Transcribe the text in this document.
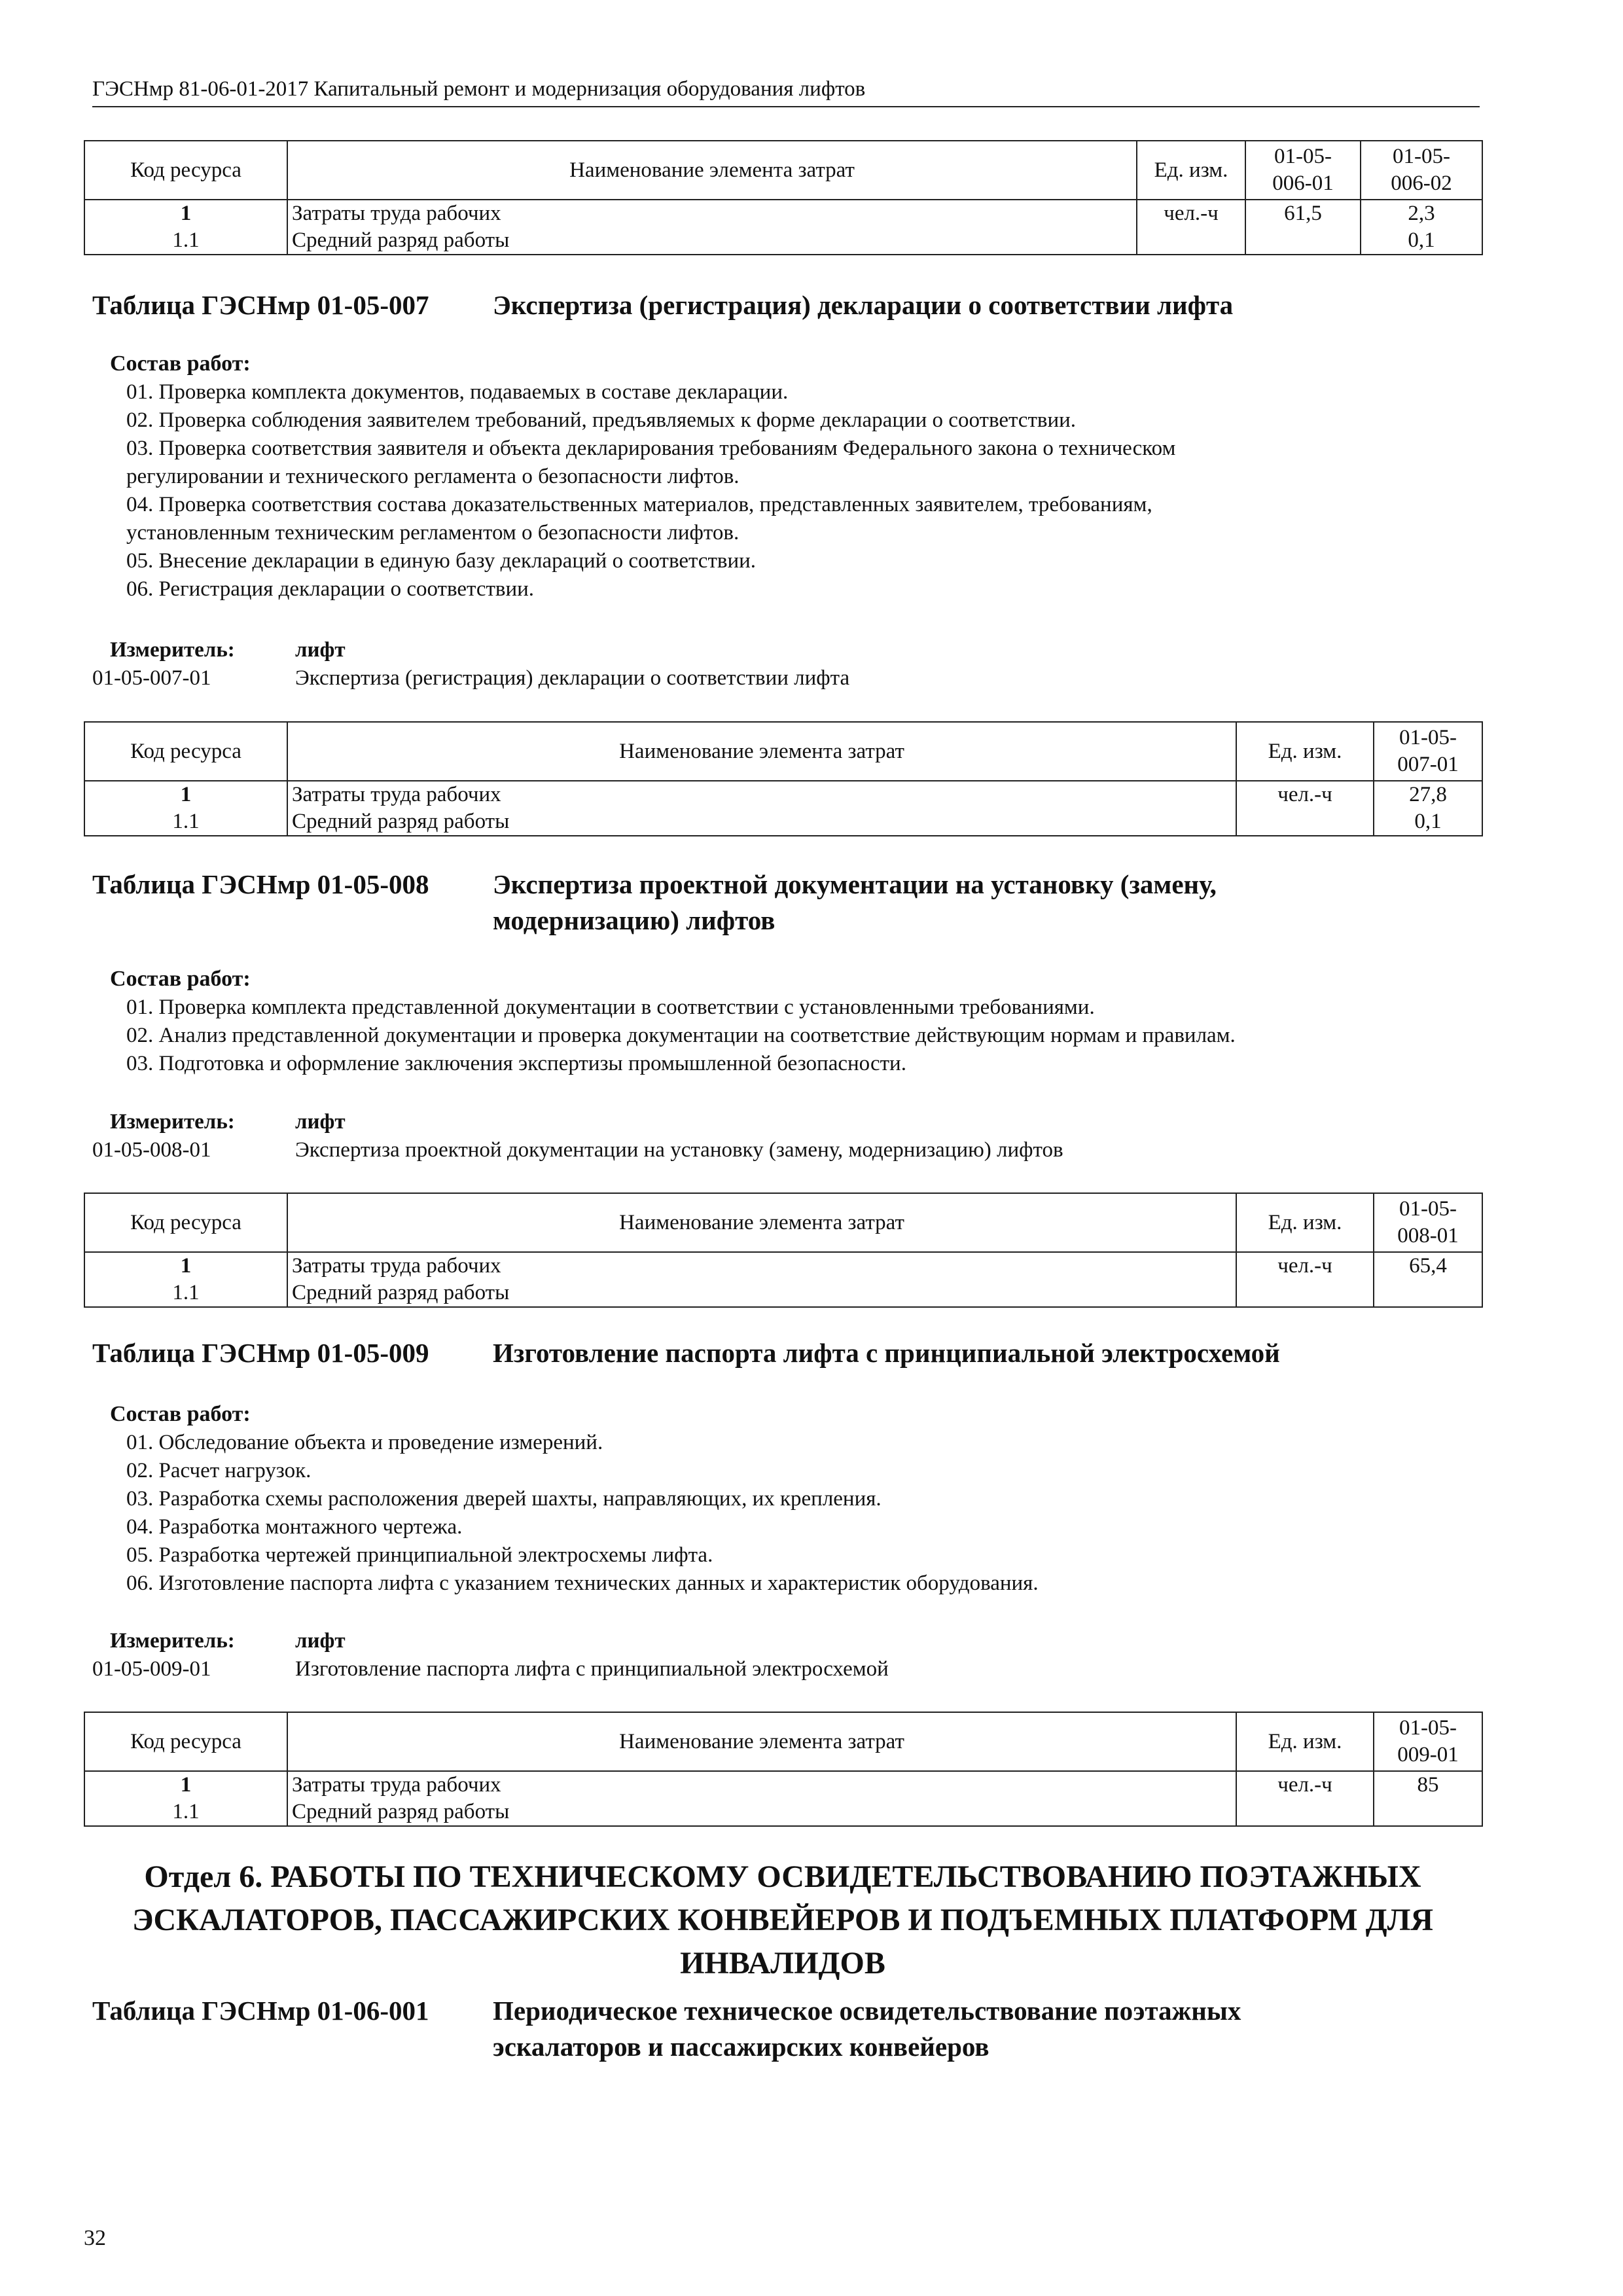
ГЭСНмр 81-06-01-2017 Капитальный ремонт и модернизация оборудования лифтов
Код ресурса	Наименование элемента затрат	Ед. изм.	01-05-
006-01	01-05-
006-02
1	Затраты труда рабочих	чел.-ч	61,5	2,3
1.1	Средний разряд работы			0,1
Таблица ГЭСНмр 01-05-007 Экспертиза (регистрация) декларации о соответствии лифта
Состав работ:
01. Проверка комплекта документов, подаваемых в составе декларации.
02. Проверка соблюдения заявителем требований, предъявляемых к форме декларации о соответствии.
03. Проверка соответствия заявителя и объекта декларирования требованиям Федерального закона о техническом
регулировании и технического регламента о безопасности лифтов.
04. Проверка соответствия состава доказательственных материалов, представленных заявителем, требованиям,
установленным техническим регламентом о безопасности лифтов.
05. Внесение декларации в единую базу деклараций о соответствии.
06. Регистрация декларации о соответствии.
Измеритель:	лифт
01-05-007-01	Экспертиза (регистрация) декларации о соответствии лифта
Код ресурса	Наименование элемента затрат	Ед. изм.	01-05-
007-01
1	Затраты труда рабочих	чел.-ч	27,8
1.1	Средний разряд работы		0,1
Таблица ГЭСНмр 01-05-008 Экспертиза проектной документации на установку (замену,
модернизацию) лифтов
Состав работ:
01. Проверка комплекта представленной документации в соответствии с установленными требованиями.
02. Анализ представленной документации и проверка документации на соответствие действующим нормам и правилам.
03. Подготовка и оформление заключения экспертизы промышленной безопасности.
Измеритель:	лифт
01-05-008-01	Экспертиза проектной документации на установку (замену, модернизацию) лифтов
Код ресурса	Наименование элемента затрат	Ед. изм.	01-05-
008-01
1	Затраты труда рабочих	чел.-ч	65,4
1.1	Средний разряд работы		
Таблица ГЭСНмр 01-05-009 Изготовление паспорта лифта с принципиальной электросхемой
Состав работ:
01. Обследование объекта и проведение измерений.
02. Расчет нагрузок.
03. Разработка схемы расположения дверей шахты, направляющих, их крепления.
04. Разработка монтажного чертежа.
05. Разработка чертежей принципиальной электросхемы лифта.
06. Изготовление паспорта лифта с указанием технических данных и характеристик оборудования.
Измеритель:	лифт
01-05-009-01	Изготовление паспорта лифта с принципиальной электросхемой
Код ресурса	Наименование элемента затрат	Ед. изм.	01-05-
009-01
1	Затраты труда рабочих	чел.-ч	85
1.1	Средний разряд работы		
Отдел 6. РАБОТЫ ПО ТЕХНИЧЕСКОМУ ОСВИДЕТЕЛЬСТВОВАНИЮ ПОЭТАЖНЫХ
ЭСКАЛАТОРОВ, ПАССАЖИРСКИХ КОНВЕЙЕРОВ И ПОДЪЕМНЫХ ПЛАТФОРМ ДЛЯ
ИНВАЛИДОВ
Таблица ГЭСНмр 01-06-001 Периодическое техническое освидетельствование поэтажных
эскалаторов и пассажирских конвейеров
32
